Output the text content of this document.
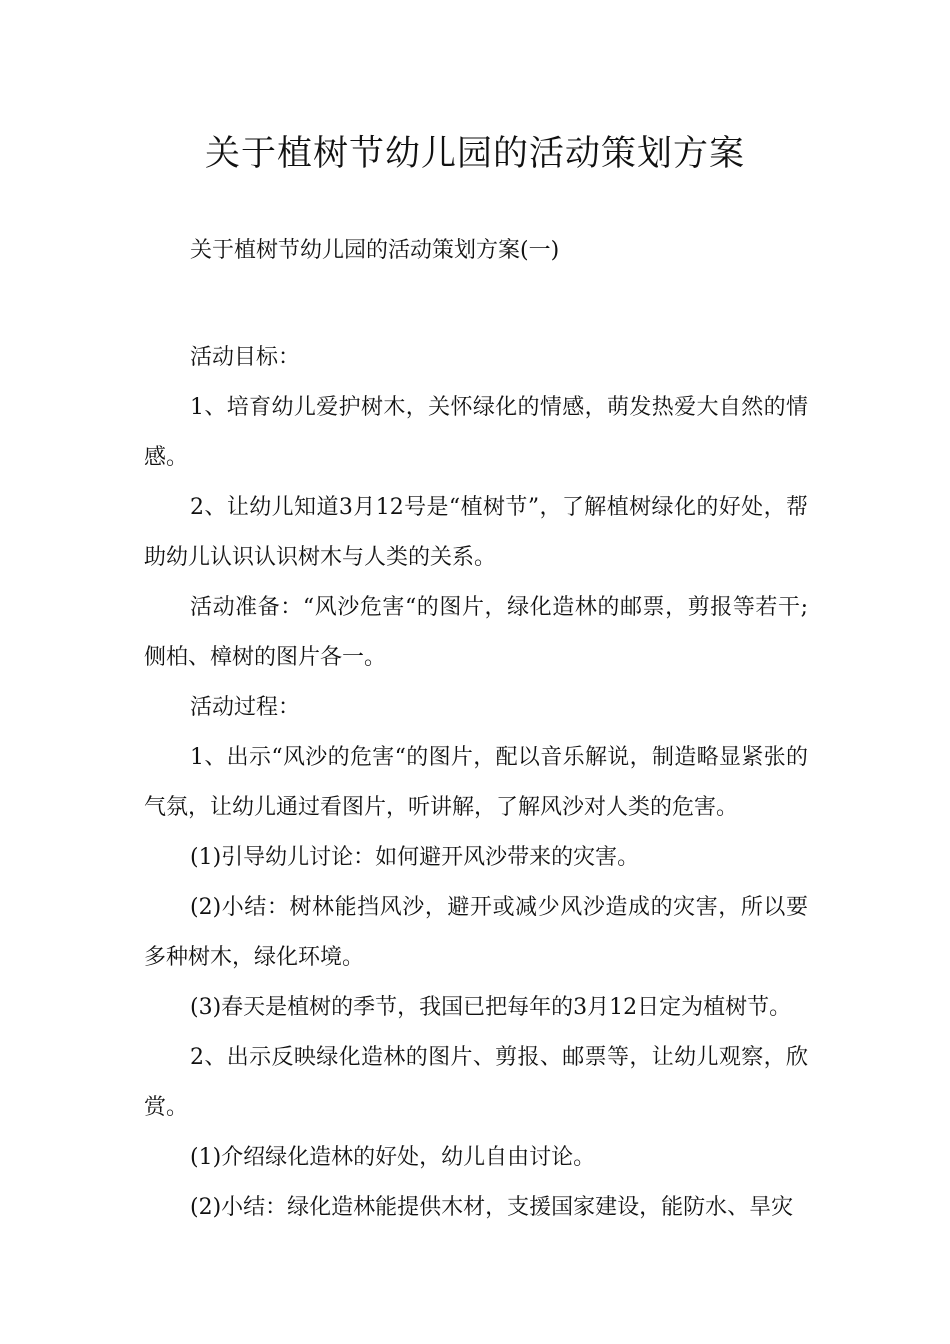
关于植树节幼儿园的活动策划方案
关于植树节幼儿园的活动策划方案(一)

活动目标：

1、培育幼儿爱护树木，关怀绿化的情感，萌发热爱大自然的情感。

2、让幼儿知道3月12号是“植树节”，了解植树绿化的好处，帮助幼儿认识认识树木与人类的关系。

活动准备：“风沙危害“的图片，绿化造林的邮票，剪报等若干;侧柏、樟树的图片各一。

活动过程：

1、出示“风沙的危害“的图片，配以音乐解说，制造略显紧张的气氛，让幼儿通过看图片，听讲解，了解风沙对人类的危害。

(1)引导幼儿讨论：如何避开风沙带来的灾害。

(2)小结：树林能挡风沙，避开或减少风沙造成的灾害，所以要多种树木，绿化环境。

(3)春天是植树的季节，我国已把每年的3月12日定为植树节。

2、出示反映绿化造林的图片、剪报、邮票等，让幼儿观察，欣赏。

(1)介绍绿化造林的好处，幼儿自由讨论。

(2)小结：绿化造林能提供木材，支援国家建设，能防水、旱灾
